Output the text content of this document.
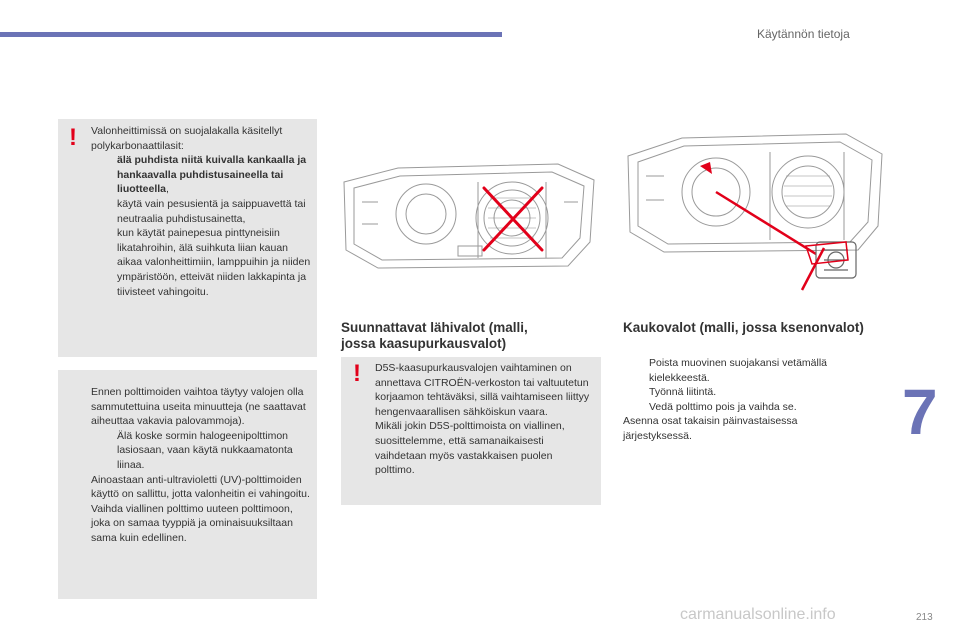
Käytännön tietoja
! Valonheittimissä on suojalakalla käsitellyt polykarbonaattilasit:

älä puhdista niitä kuivalla kankaalla ja hankaavalla puhdistusaineella tai liuotteella,

käytä vain pesusientä ja saippuavettä tai neutraalia puhdistusainetta,

kun käytät painepesua pinttyneisiin likatahroihin, älä suihkuta liian kauan aikaa valonheittimiin, lamppuihin ja niiden ympäristöön, etteivät niiden lakkapinta ja tiivisteet vahingoitu.

Ennen polttimoiden vaihtoa täytyy valojen olla sammutettuina useita minuutteja (ne saattavat aiheuttaa vakavia palovammoja).

Älä koske sormin halogeenipolttimon lasiosaan, vaan käytä nukkaamatonta liinaa.

Ainoastaan anti-ultravioletti (UV)-polttimoiden käyttö on sallittu, jotta valonheitin ei vahingoitu.

Vaihda viallinen polttimo uuteen polttimoon, joka on samaa tyyppiä ja ominaisuuksiltaan sama kuin edellinen.

Suunnattavat lähivalot (malli,
jossa kaasupurkausvalot)
! D5S-kaasupurkausvalojen vaihtaminen on annettava CITROËN-verkoston tai valtuutetun korjaamon tehtäväksi, sillä vaihtamiseen liittyy hengenvaarallisen sähköiskun vaara.

Mikäli jokin D5S-polttimoista on viallinen, suosittelemme, että samanaikaisesti vaihdetaan myös vastakkaisen puolen polttimo.

Kaukovalot (malli, jossa ksenonvalot)

Poista muovinen suojakansi vetämällä kielekkeestä.

Työnnä liitintä.

Vedä polttimo pois ja vaihda se.

Asenna osat takaisin päinvastaisessa järjestyksessä.	7
carmanualsonline.info	213
